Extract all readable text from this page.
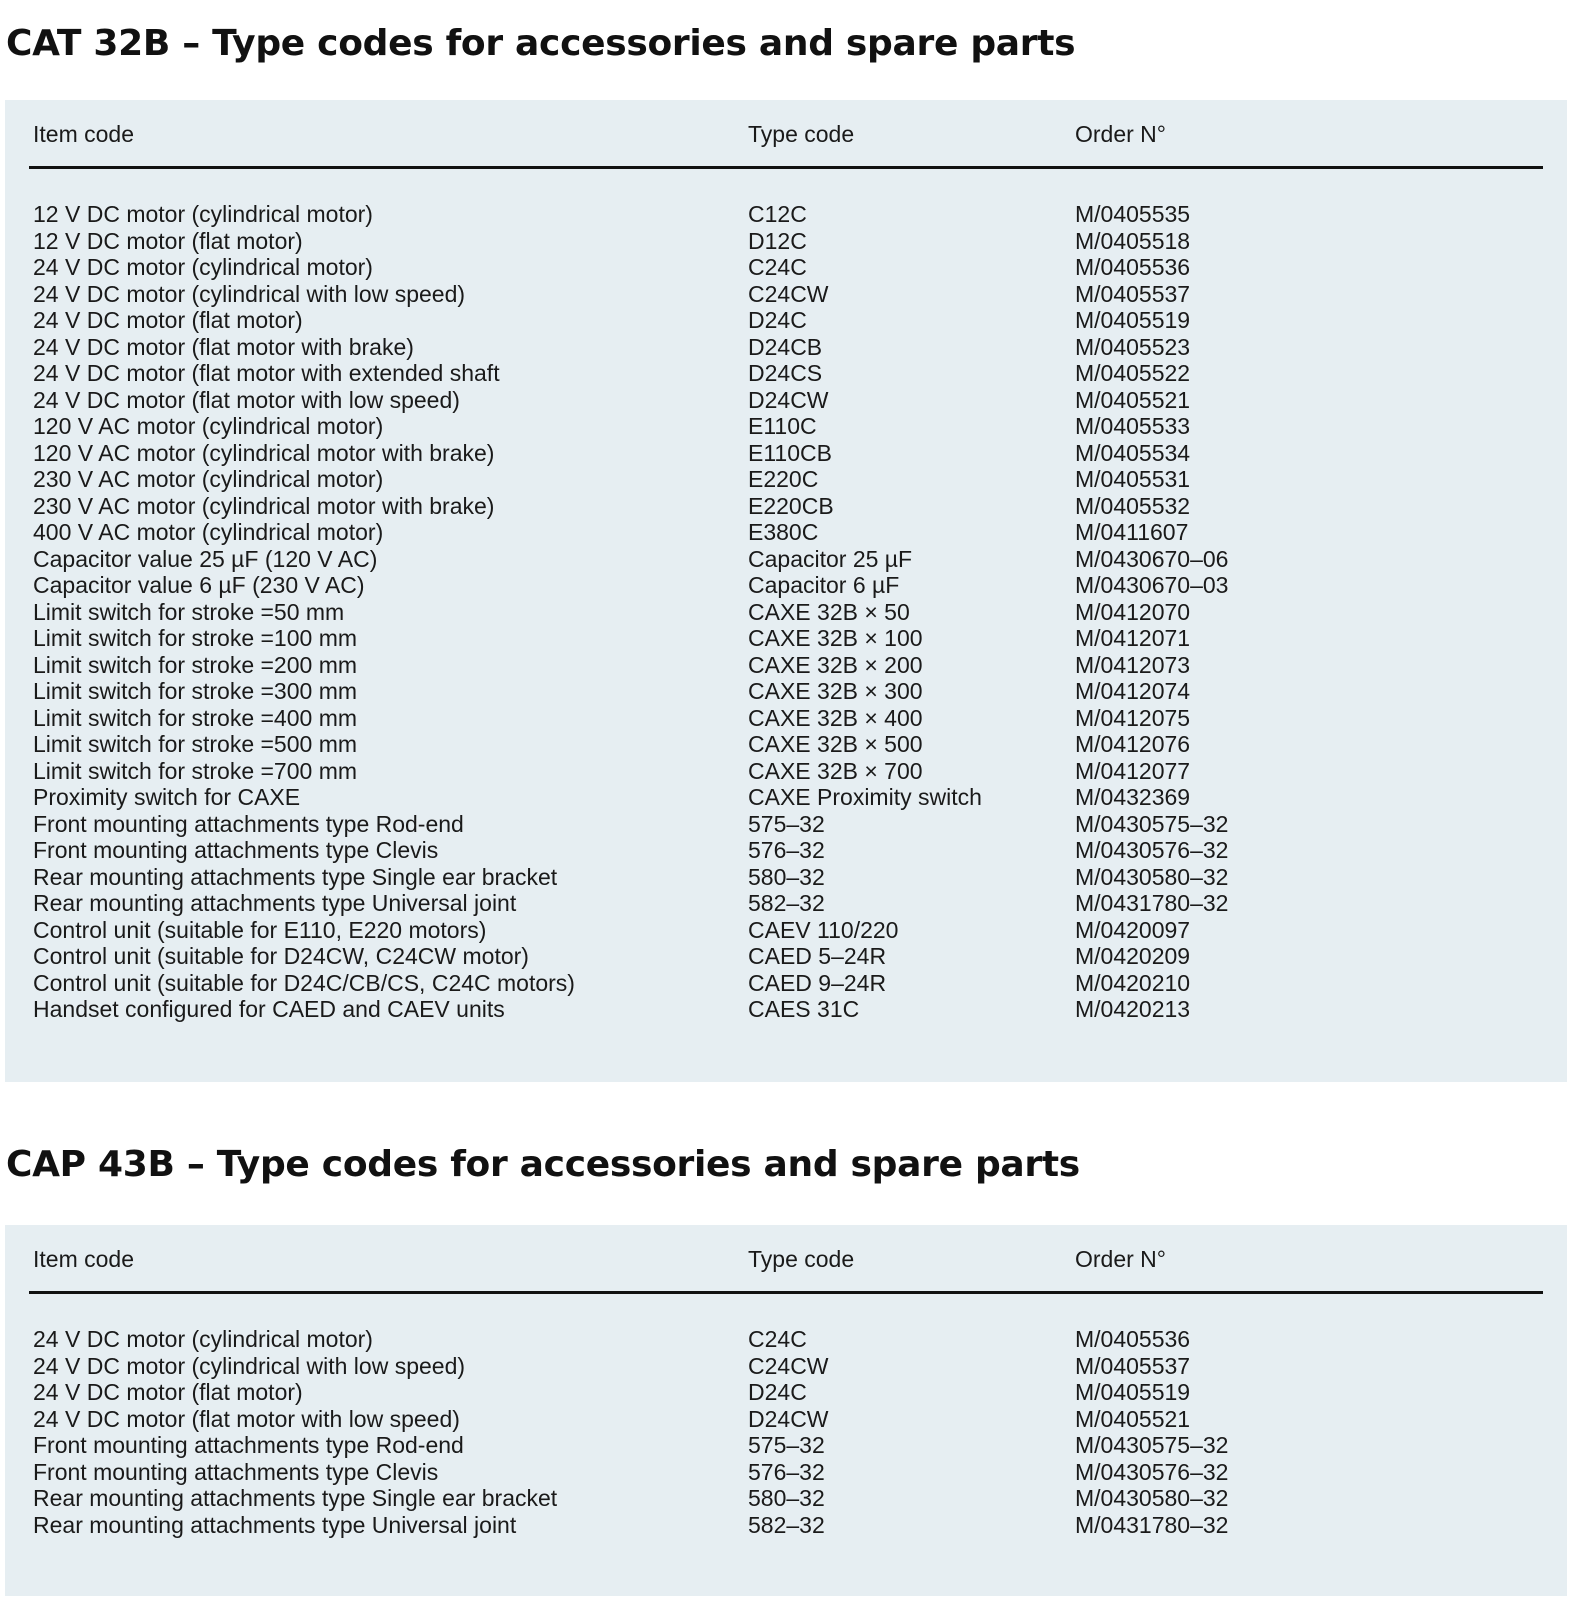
CAT 32B – Type codes for accessories and spare parts
Item code	Type code	Order N°
12 V DC motor (cylindrical motor)	C12C	M/0405535
12 V DC motor (flat motor)	D12C	M/0405518
24 V DC motor (cylindrical motor)	C24C	M/0405536
24 V DC motor (cylindrical with low speed)	C24CW	M/0405537
24 V DC motor (flat motor)	D24C	M/0405519
24 V DC motor (flat motor with brake)	D24CB	M/0405523
24 V DC motor (flat motor with extended shaft	D24CS	M/0405522
24 V DC motor (flat motor with low speed)	D24CW	M/0405521
120 V AC motor (cylindrical motor)	E110C	M/0405533
120 V AC motor (cylindrical motor with brake)	E110CB	M/0405534
230 V AC motor (cylindrical motor)	E220C	M/0405531
230 V AC motor (cylindrical motor with brake)	E220CB	M/0405532
400 V AC motor (cylindrical motor)	E380C	M/0411607
Capacitor value 25 µF (120 V AC)	Capacitor 25 µF	M/0430670–06
Capacitor value 6 µF (230 V AC)	Capacitor 6 µF	M/0430670–03
Limit switch for stroke =50 mm	CAXE 32B × 50	M/0412070
Limit switch for stroke =100 mm	CAXE 32B × 100	M/0412071
Limit switch for stroke =200 mm	CAXE 32B × 200	M/0412073
Limit switch for stroke =300 mm	CAXE 32B × 300	M/0412074
Limit switch for stroke =400 mm	CAXE 32B × 400	M/0412075
Limit switch for stroke =500 mm	CAXE 32B × 500	M/0412076
Limit switch for stroke =700 mm	CAXE 32B × 700	M/0412077
Proximity switch for CAXE	CAXE Proximity switch	M/0432369
Front mounting attachments type Rod-end	575–32	M/0430575–32
Front mounting attachments type Clevis	576–32	M/0430576–32
Rear mounting attachments type Single ear bracket	580–32	M/0430580–32
Rear mounting attachments type Universal joint	582–32	M/0431780–32
Control unit (suitable for E110, E220 motors)	CAEV 110/220	M/0420097
Control unit (suitable for D24CW, C24CW motor)	CAED 5–24R	M/0420209
Control unit (suitable for D24C/CB/CS, C24C motors)	CAED 9–24R	M/0420210
Handset configured for CAED and CAEV units	CAES 31C	M/0420213
CAP 43B – Type codes for accessories and spare parts
Item code	Type code	Order N°
24 V DC motor (cylindrical motor)	C24C	M/0405536
24 V DC motor (cylindrical with low speed)	C24CW	M/0405537
24 V DC motor (flat motor)	D24C	M/0405519
24 V DC motor (flat motor with low speed)	D24CW	M/0405521
Front mounting attachments type Rod-end	575–32	M/0430575–32
Front mounting attachments type Clevis	576–32	M/0430576–32
Rear mounting attachments type Single ear bracket	580–32	M/0430580–32
Rear mounting attachments type Universal joint	582–32	M/0431780–32
